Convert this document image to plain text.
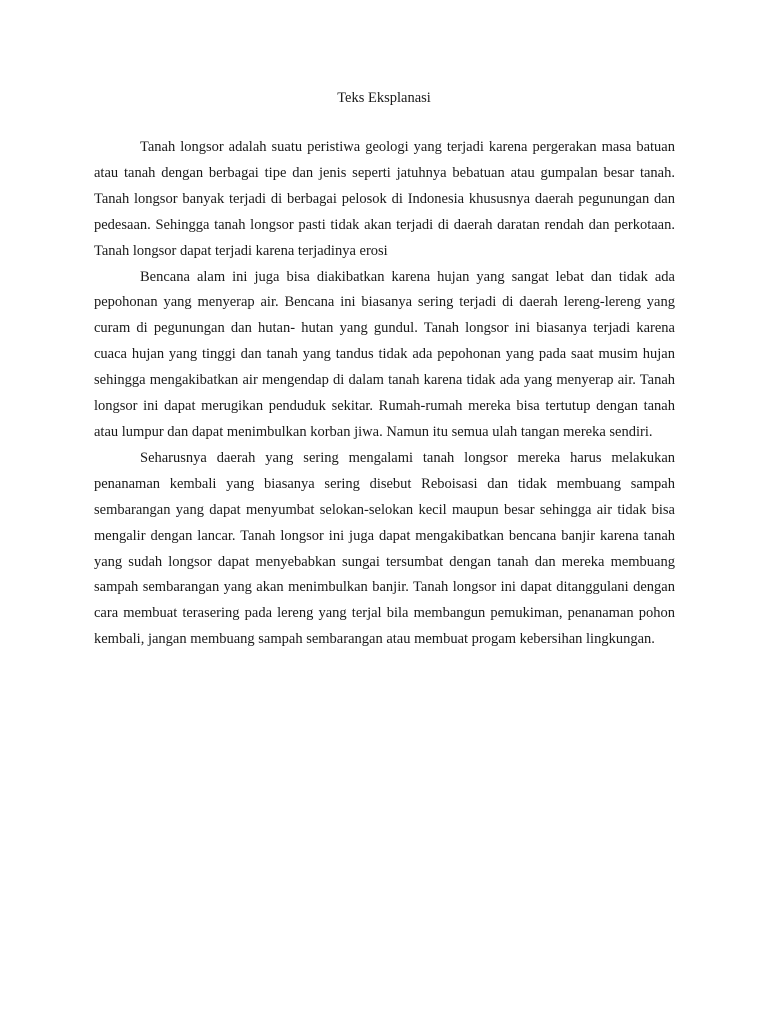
Teks Eksplanasi

Tanah longsor adalah suatu peristiwa geologi yang terjadi karena pergerakan masa batuan atau tanah dengan berbagai tipe dan jenis seperti jatuhnya bebatuan atau gumpalan besar tanah. Tanah longsor banyak terjadi di berbagai pelosok di Indonesia khususnya daerah pegunungan dan pedesaan. Sehingga tanah longsor pasti tidak akan terjadi di daerah daratan rendah dan perkotaan. Tanah longsor dapat terjadi karena terjadinya erosi

Bencana alam ini juga bisa diakibatkan karena hujan yang sangat lebat dan tidak ada pepohonan yang menyerap air. Bencana ini biasanya sering terjadi di daerah lereng-lereng yang curam di pegunungan dan hutan- hutan yang gundul. Tanah longsor ini biasanya terjadi karena cuaca hujan yang tinggi dan tanah yang tandus tidak ada pepohonan yang pada saat musim hujan sehingga mengakibatkan air mengendap di dalam tanah karena tidak ada yang menyerap air. Tanah longsor ini dapat merugikan penduduk sekitar. Rumah-rumah mereka bisa tertutup dengan tanah atau lumpur dan dapat menimbulkan korban jiwa. Namun itu semua ulah tangan mereka sendiri.

Seharusnya daerah yang sering mengalami tanah longsor mereka harus melakukan penanaman kembali yang biasanya sering disebut Reboisasi dan tidak membuang sampah sembarangan yang dapat menyumbat selokan-selokan kecil maupun besar sehingga air tidak bisa mengalir dengan lancar. Tanah longsor ini juga dapat mengakibatkan bencana banjir karena tanah yang sudah longsor dapat menyebabkan sungai tersumbat dengan tanah dan mereka membuang sampah sembarangan yang akan menimbulkan banjir. Tanah longsor ini dapat ditanggulani dengan cara membuat terasering pada lereng yang terjal bila membangun pemukiman, penanaman pohon kembali, jangan membuang sampah sembarangan atau membuat progam kebersihan lingkungan.
